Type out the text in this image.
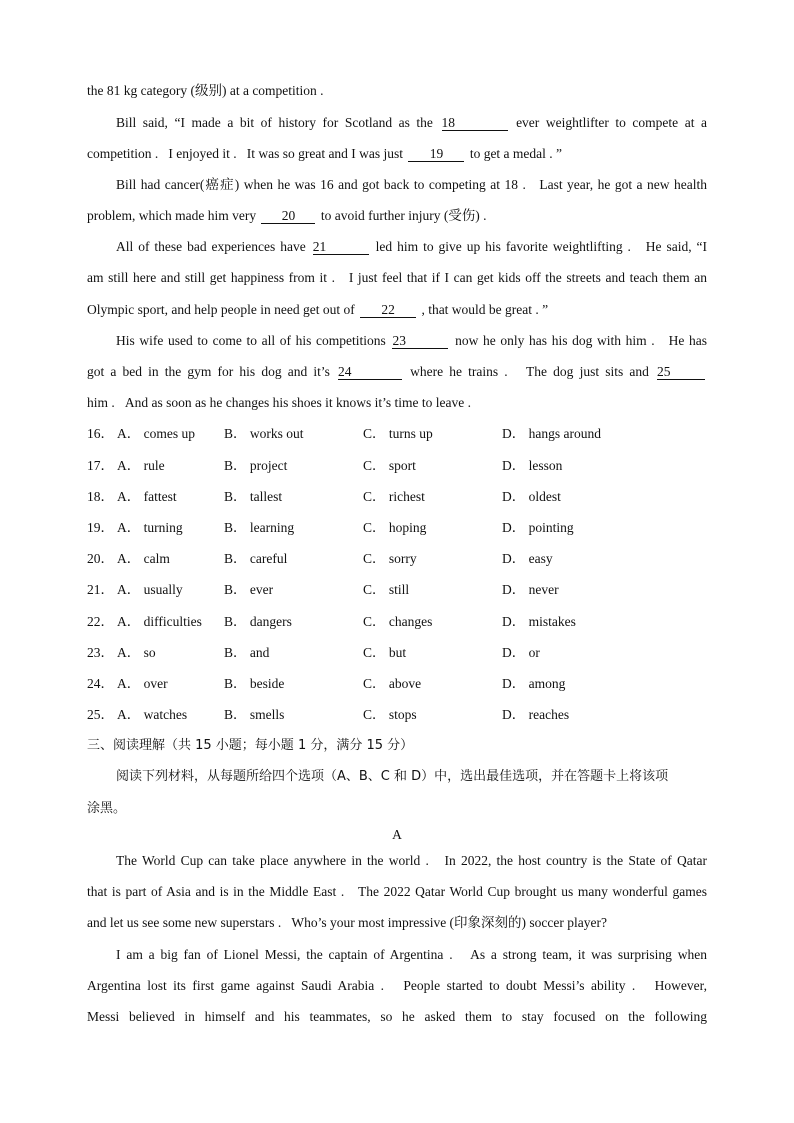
the 81 kg category (级别) at a competition .
Bill said, “I made a bit of history for Scotland as the 18	ever weightlifter to compete at a
competition .   I enjoyed it .   It was so great and I was just 19 to get a medal . ”
Bill had cancer(癌症) when he was 16 and got back to competing at 18 .   Last year, he got a new health
problem, which made him very 20 to avoid further injury (受伤) .
All of these bad experiences have 21	led him to give up his favorite weightlifting .   He said, “I
am still here and still get happiness from it .   I just feel that if I can get kids off the streets and teach them an
Olympic sport, and help people in need get out of 22 , that would be great . ”
His wife used to come to all of his competitions 23	now he only has his dog with him .   He has
got a bed in the gym for his dog and it’s 24	where he trains .   The dog just sits and 25
him .   And as soon as he changes his shoes it knows it’s time to leave .
16． A． comes up B． works out	C． turns up	D． hangs around
17． A． rule	B． project	C． sport	D． lesson
18． A． fattest	B． tallest	C． richest	D． oldest
19． A． turning	B． learning	C． hoping	D． pointing
20． A． calm	B． careful	C． sorry	D． easy
21． A． usually	B． ever	C． still	D． never
22． A． difficulties B． dangers	C． changes	D． mistakes
23． A． so	B． and	C． but	D． or
24． A． over	B． beside	C． above	D． among
25． A． watches	B． smells	C． stops	D． reaches
三、阅读理解（共 15 小题；每小题 1 分，满分 15 分）
阅读下列材料，从每题所给四个选项（A、B、C 和 D）中，选出最佳选项，并在答题卡上将该项
涂黑。
A
The World Cup can take place anywhere in the world .   In 2022, the host country is the State of Qatar
that is part of Asia and is in the Middle East .   The 2022 Qatar World Cup brought us many wonderful games
and let us see some new superstars .   Who’s your most impressive (印象深刻的) soccer player?
I am a big fan of Lionel Messi, the captain of Argentina .   As a strong team, it was surprising when
Argentina lost its first game against Saudi Arabia .   People started to doubt Messi’s ability .   However,
Messi believed in himself and his teammates, so he asked them to stay focused on the following
